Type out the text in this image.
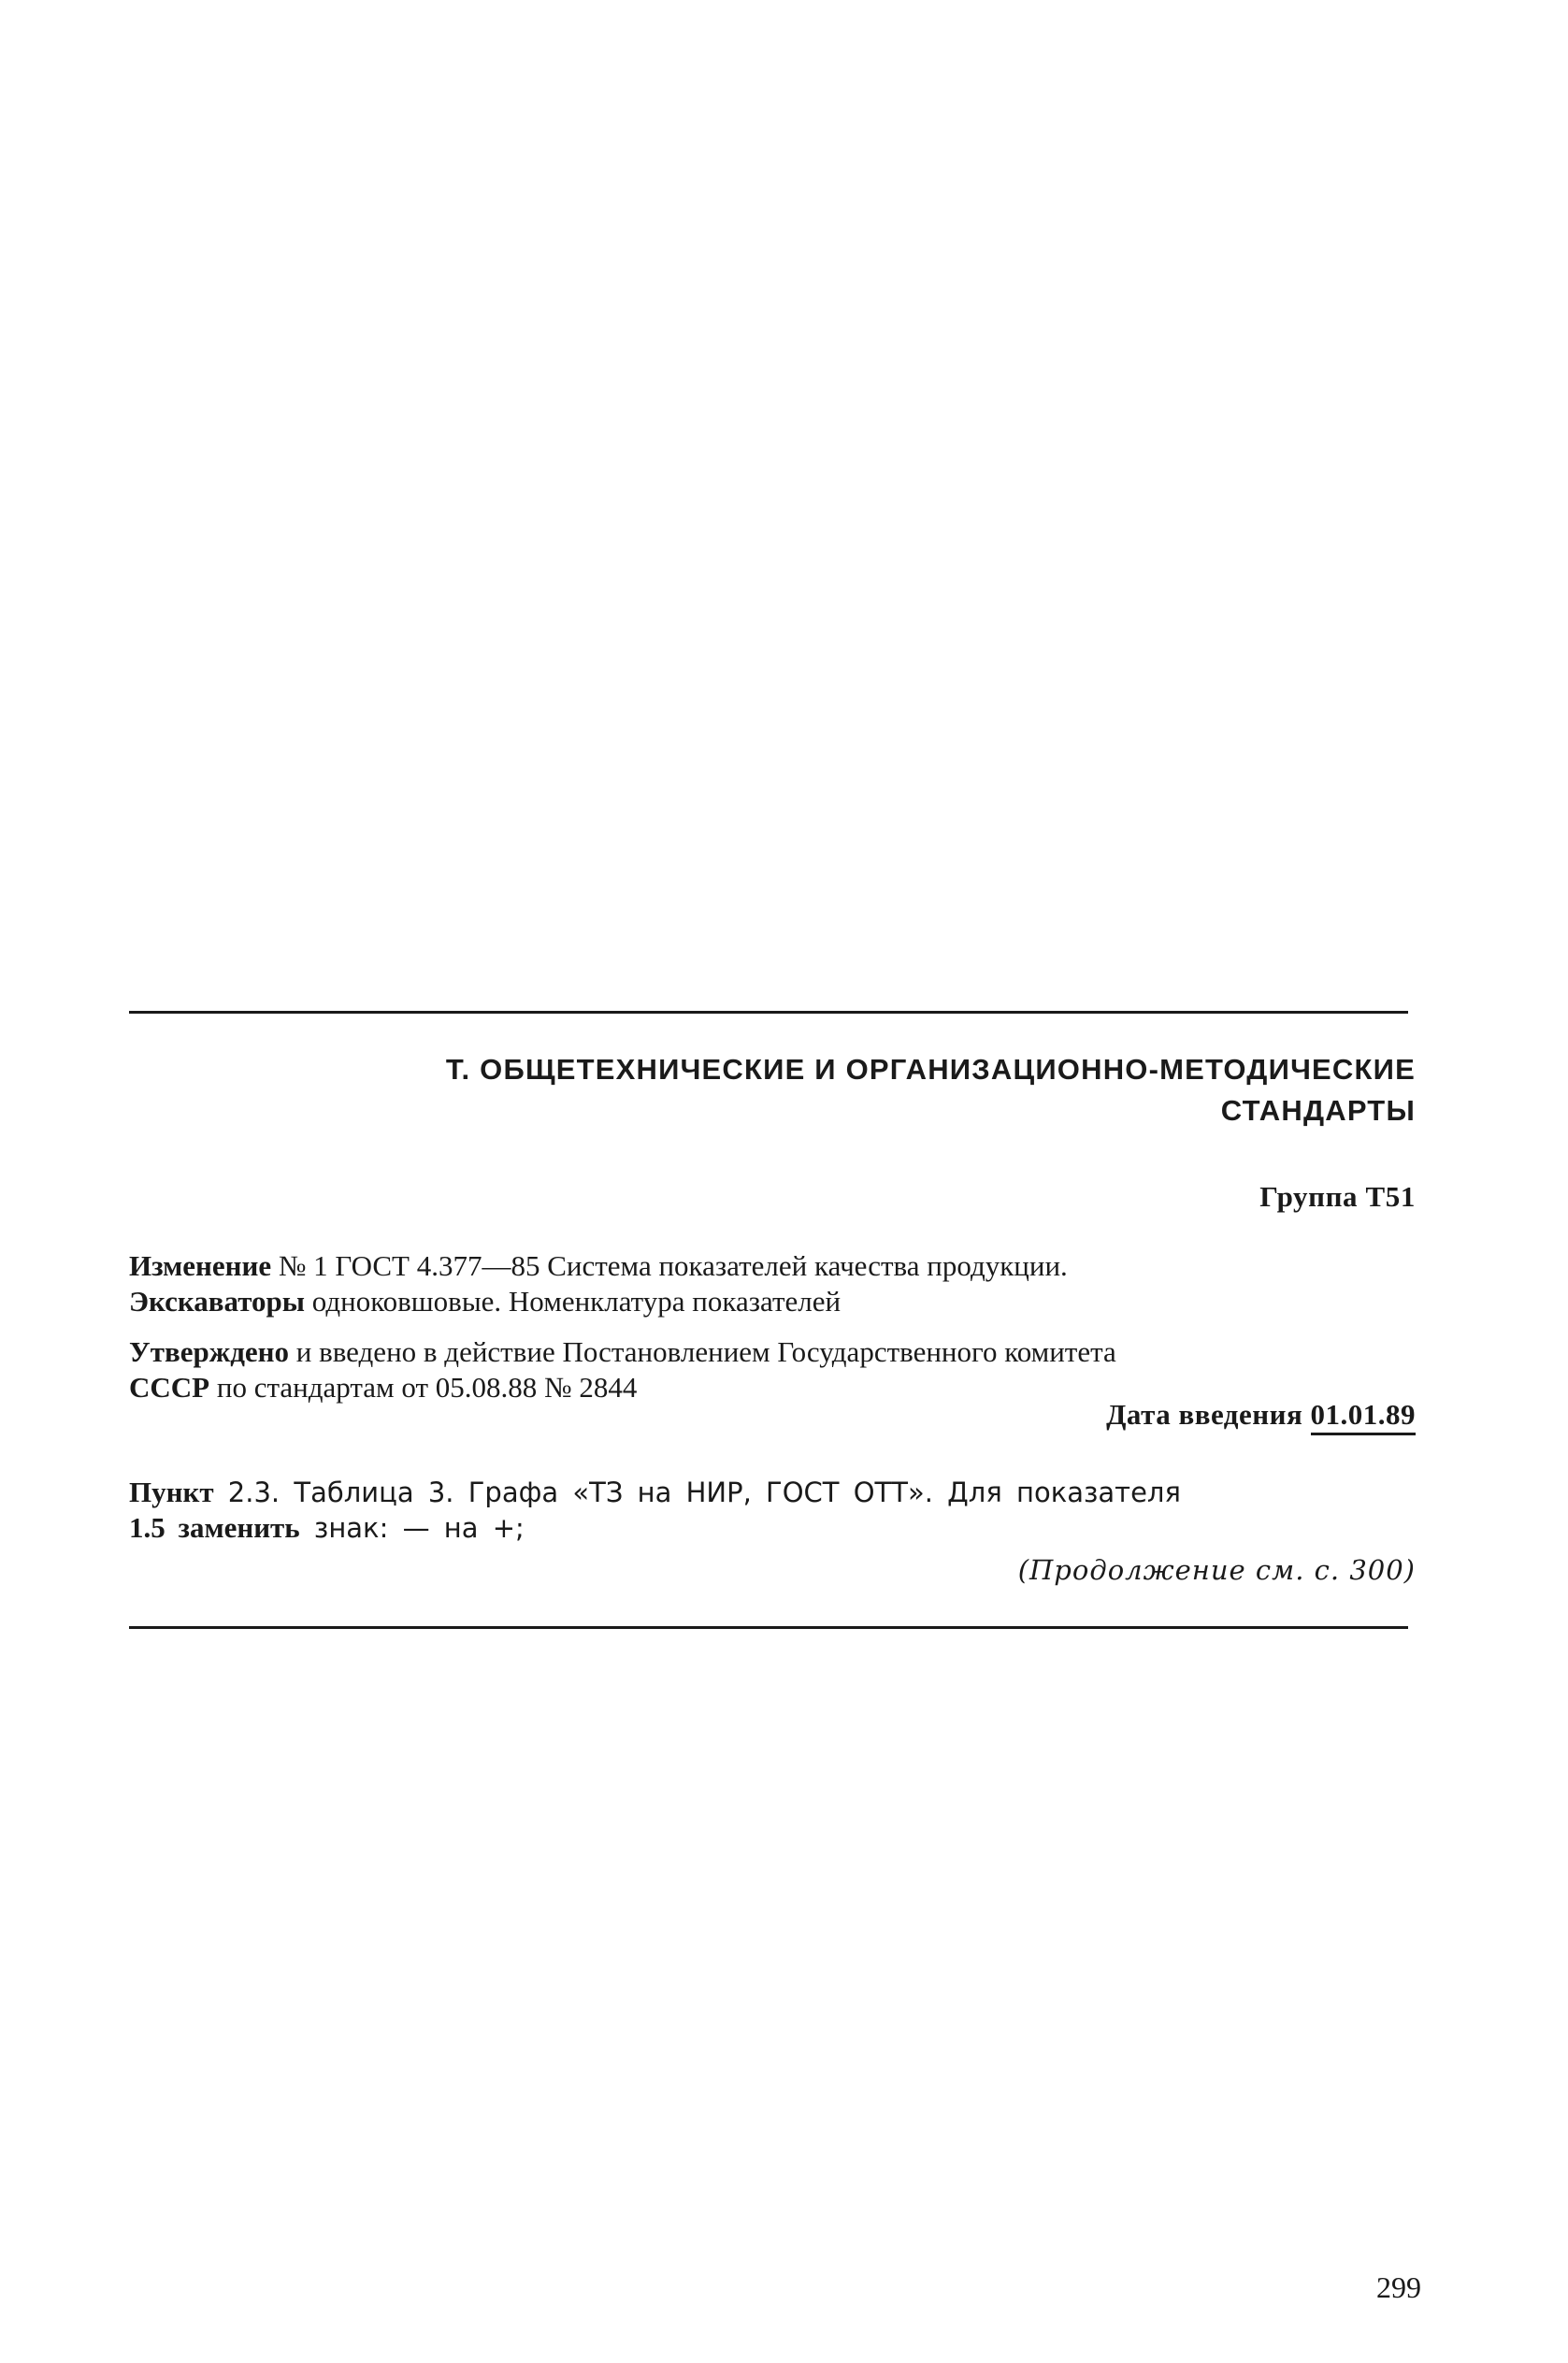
Т. ОБЩЕТЕХНИЧЕСКИЕ И ОРГАНИЗАЦИОННО-МЕТОДИЧЕСКИЕ
СТАНДАРТЫ
Группа Т51
Изменение № 1 ГОСТ 4.377—85 Система показателей качества продукции.
Экскаваторы одноковшовые. Номенклатура показателей
Утверждено и введено в действие Постановлением Государственного комитета
СССР по стандартам от 05.08.88 № 2844
Дата введения 01.01.89
Пункт 2.3. Таблица 3. Графа «ТЗ на НИР, ГОСТ ОТТ». Для показателя
1.5 заменить знак: — на +;
(Продолжение см. с. 300)
299
